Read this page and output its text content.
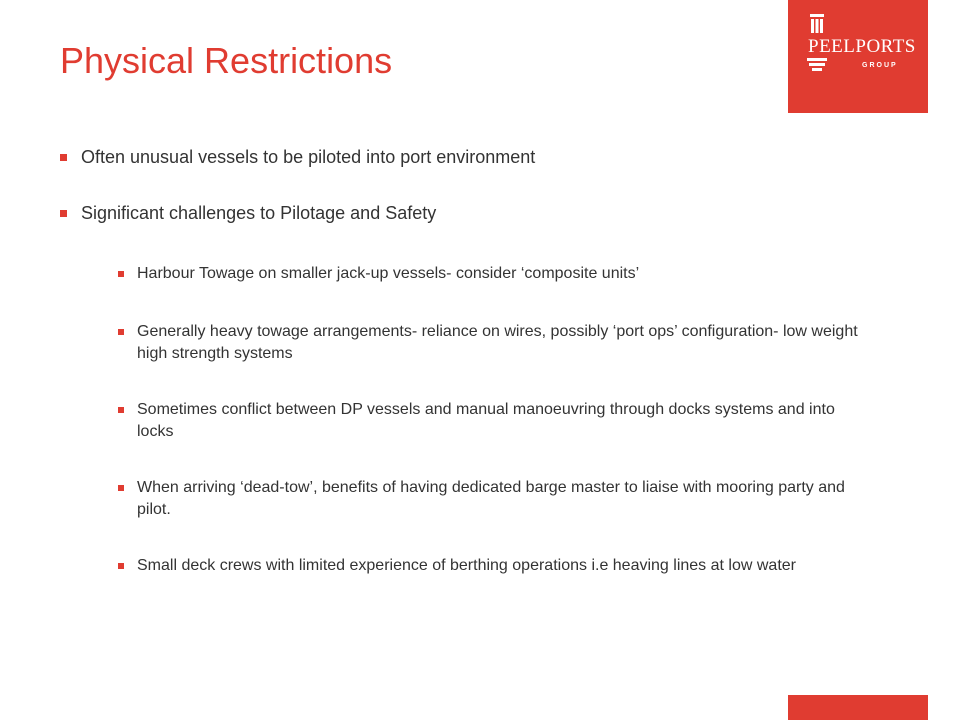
Physical Restrictions	PEELPORTS
GROUP
Often unusual vessels to be piloted into port environment
Significant challenges to Pilotage and Safety
Harbour Towage on smaller jack-up vessels- consider ‘composite units’
Generally heavy towage arrangements- reliance on wires, possibly ‘port ops’ configuration- low weight high strength systems
Sometimes conflict between DP vessels and manual manoeuvring through docks systems and into locks
When arriving ‘dead-tow’, benefits of having dedicated barge master to liaise with mooring party and pilot.
Small deck crews with limited experience of berthing operations i.e heaving lines at low water
